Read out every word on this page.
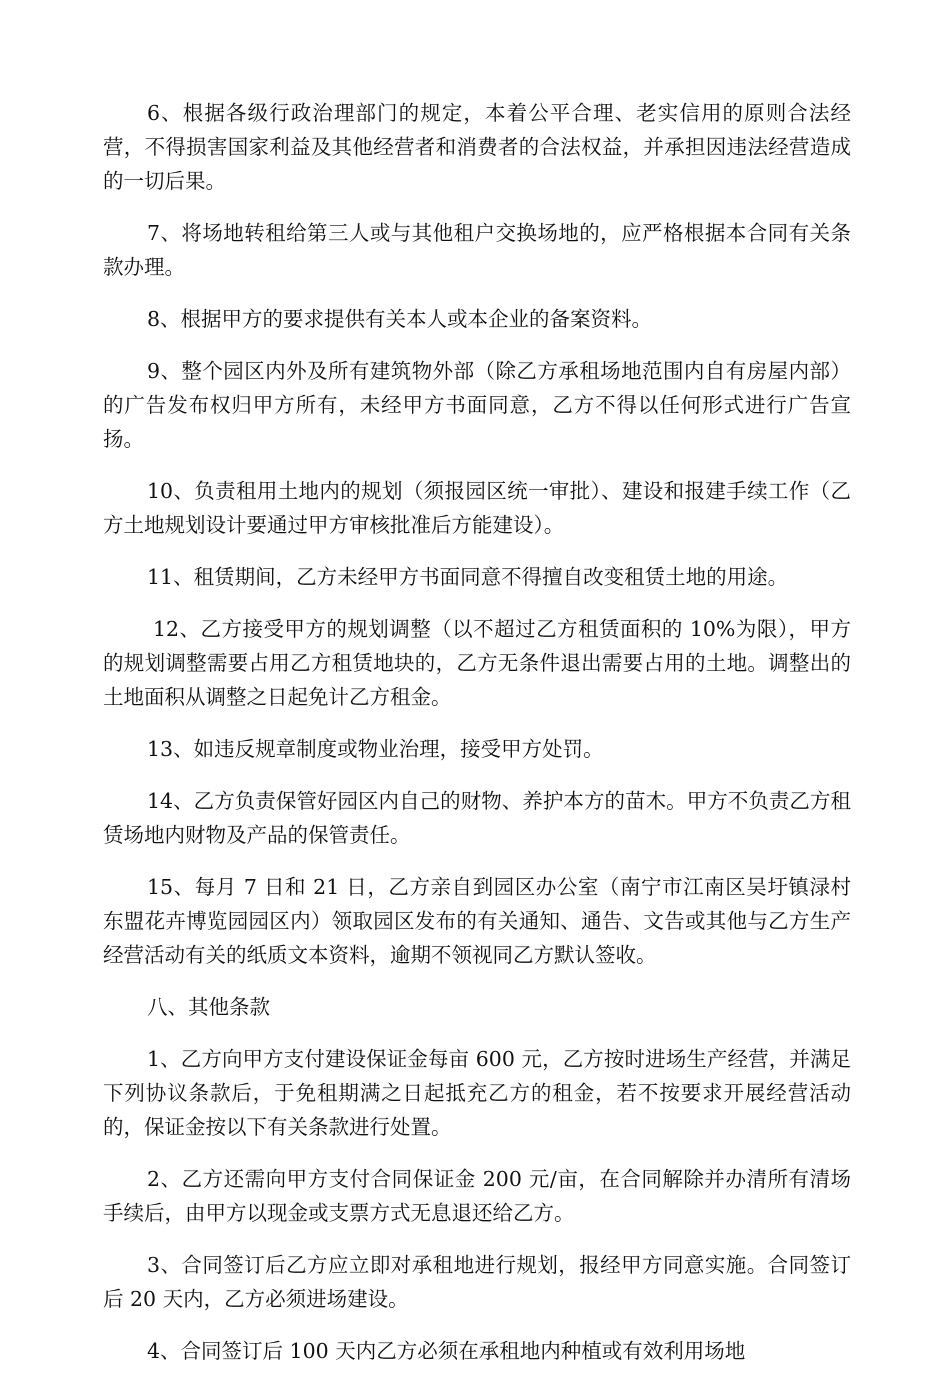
6、根据各级行政治理部门的规定，本着公平合理、老实信用的原则合法经营，不得损害国家利益及其他经营者和消费者的合法权益，并承担因违法经营造成的一切后果。

7、将场地转租给第三人或与其他租户交换场地的，应严格根据本合同有关条款办理。

8、根据甲方的要求提供有关本人或本企业的备案资料。

9、整个园区内外及所有建筑物外部（除乙方承租场地范围内自有房屋内部）的广告发布权归甲方所有，未经甲方书面同意，乙方不得以任何形式进行广告宣扬。

10、负责租用土地内的规划（须报园区统一审批）、建设和报建手续工作（乙方土地规划设计要通过甲方审核批准后方能建设）。

11、租赁期间，乙方未经甲方书面同意不得擅自改变租赁土地的用途。

12、乙方接受甲方的规划调整（以不超过乙方租赁面积的 10%为限），甲方的规划调整需要占用乙方租赁地块的，乙方无条件退出需要占用的土地。调整出的土地面积从调整之日起免计乙方租金。

13、如违反规章制度或物业治理，接受甲方处罚。

14、乙方负责保管好园区内自己的财物、养护本方的苗木。甲方不负责乙方租赁场地内财物及产品的保管责任。

15、每月 7 日和 21 日，乙方亲自到园区办公室（南宁市江南区吴圩镇渌村东盟花卉博览园园区内）领取园区发布的有关通知、通告、文告或其他与乙方生产经营活动有关的纸质文本资料，逾期不领视同乙方默认签收。

八、其他条款

1、乙方向甲方支付建设保证金每亩 600 元，乙方按时进场生产经营，并满足下列协议条款后，于免租期满之日起抵充乙方的租金，若不按要求开展经营活动的，保证金按以下有关条款进行处置。

2、乙方还需向甲方支付合同保证金 200 元/亩，在合同解除并办清所有清场手续后，由甲方以现金或支票方式无息退还给乙方。

3、合同签订后乙方应立即对承租地进行规划，报经甲方同意实施。合同签订后 20 天内，乙方必须进场建设。

4、合同签订后 100 天内乙方必须在承租地内种植或有效利用场地
